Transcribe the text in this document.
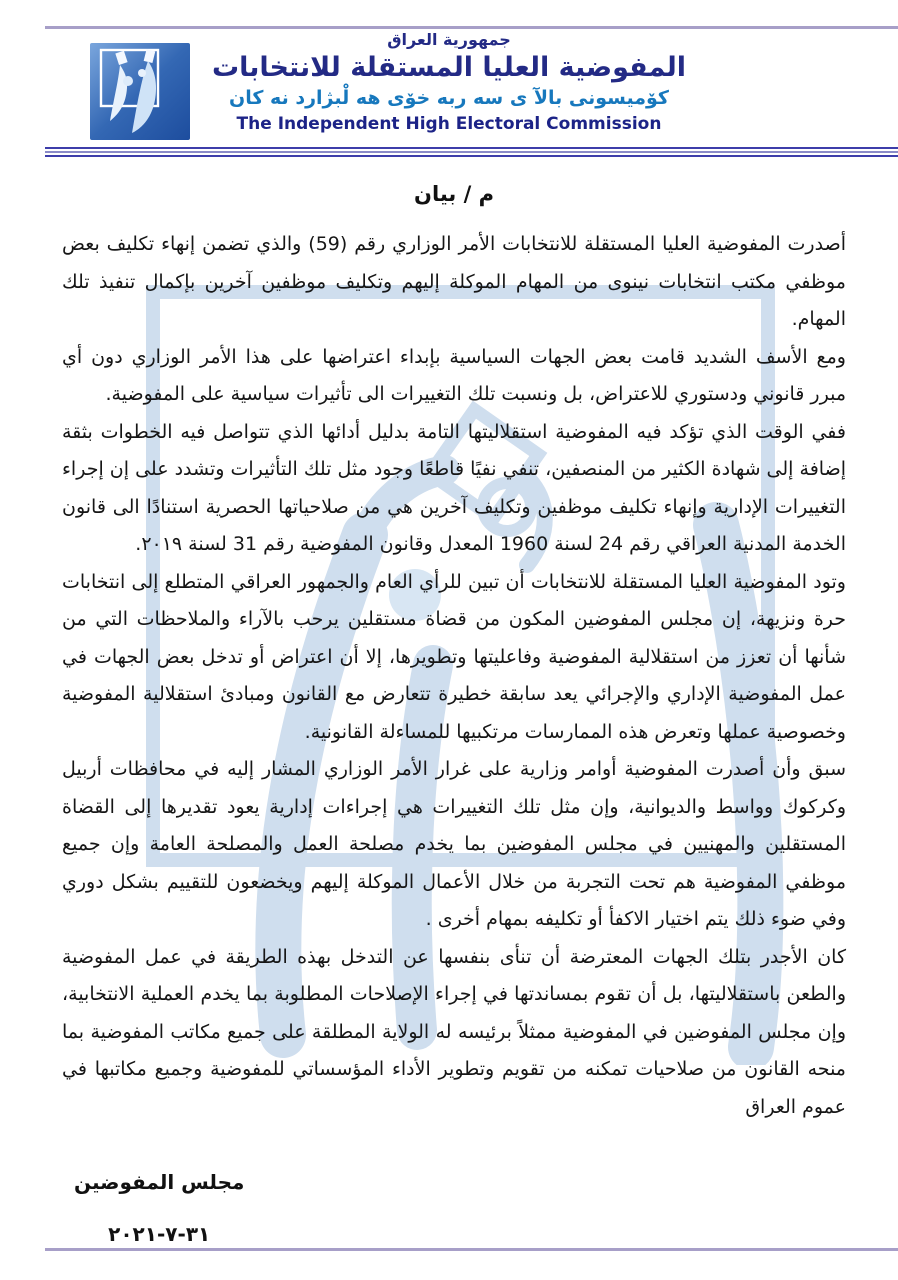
جمهورية العراق
المفوضية العليا المستقلة للانتخابات
كۆميسونى بالآ ى سه ربه خۆى هه لْبژارد نه كان
The Independent High Electoral Commission
م / بيان

أصدرت المفوضية العليا المستقلة للانتخابات الأمر الوزاري رقم (59) والذي تضمن إنهاء تكليف بعض موظفي مكتب انتخابات نينوى من المهام الموكلة إليهم وتكليف موظفين آخرين بإكمال تنفيذ تلك المهام.

ومع الأسف الشديد قامت بعض الجهات السياسية بإبداء اعتراضها على هذا الأمر الوزاري دون أي مبرر قانوني ودستوري للاعتراض، بل ونسبت تلك التغييرات الى تأثيرات سياسية على المفوضية.

ففي الوقت الذي تؤكد فيه المفوضية استقلاليتها التامة بدليل أدائها الذي تتواصل فيه الخطوات بثقة إضافة إلى شهادة الكثير من المنصفين، تنفي نفيًا قاطعًا وجود مثل تلك التأثيرات وتشدد على إن إجراء التغييرات الإدارية وإنهاء تكليف موظفين وتكليف آخرين هي من صلاحياتها الحصرية استنادًا الى قانون الخدمة المدنية العراقي رقم 24 لسنة 1960 المعدل وقانون المفوضية رقم 31 لسنة ٢٠١٩.

وتود المفوضية العليا المستقلة للانتخابات أن تبين للرأي العام والجمهور العراقي المتطلع إلى انتخابات حرة ونزيهة، إن مجلس المفوضين المكون من قضاة مستقلين يرحب بالآراء والملاحظات التي من شأنها أن تعزز من استقلالية المفوضية وفاعليتها وتطويرها، إلا أن اعتراض أو تدخل بعض الجهات في عمل المفوضية الإداري والإجرائي يعد سابقة خطيرة تتعارض مع القانون ومبادئ استقلالية المفوضية وخصوصية عملها وتعرض هذه الممارسات مرتكبيها للمساءلة القانونية.

سبق وأن أصدرت المفوضية أوامر وزارية على غرار الأمر الوزاري المشار إليه في محافظات أربيل وكركوك وواسط والديوانية، وإن مثل تلك التغييرات هي إجراءات إدارية يعود تقديرها إلى القضاة المستقلين والمهنيين في مجلس المفوضين بما يخدم مصلحة العمل والمصلحة العامة وإن جميع موظفي المفوضية هم تحت التجربة من خلال الأعمال الموكلة إليهم ويخضعون للتقييم بشكل دوري وفي ضوء ذلك يتم اختيار الاكفأ أو تكليفه بمهام أخرى .

كان الأجدر بتلك الجهات المعترضة أن تنأى بنفسها عن التدخل بهذه الطريقة في عمل المفوضية والطعن باستقلاليتها، بل أن تقوم بمساندتها في إجراء الإصلاحات المطلوبة بما يخدم العملية الانتخابية، وإن مجلس المفوضين في المفوضية ممثلاً برئيسه له الولاية المطلقة على جميع مكاتب المفوضية بما منحه القانون من صلاحيات تمكنه من تقويم وتطوير الأداء المؤسساتي للمفوضية وجميع مكاتبها في عموم العراق

مجلس المفوضين
٣١-٧-٢٠٢١
